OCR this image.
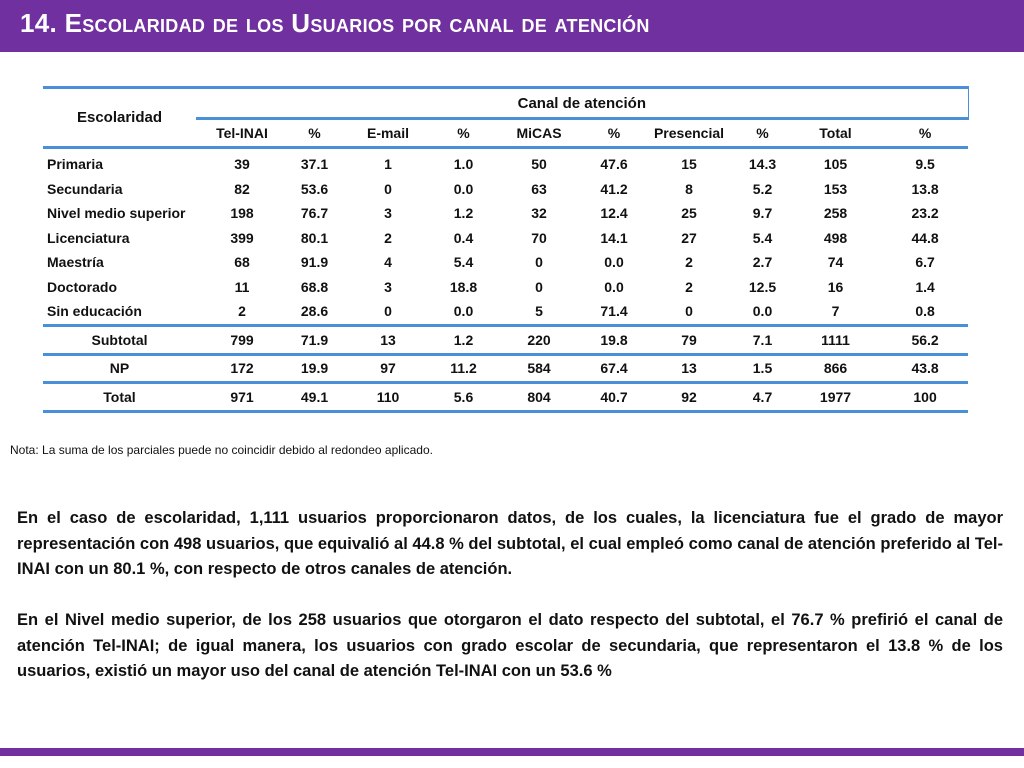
14. Escolaridad de los Usuarios por canal de atención
Escolaridad	Canal de atención									
	Tel-INAI	%	E-mail	%	MiCAS	%	Presencial	%	Total	%
Primaria	39	37.1	1	1.0	50	47.6	15	14.3	105	9.5
Secundaria	82	53.6	0	0.0	63	41.2	8	5.2	153	13.8
Nivel medio superior	198	76.7	3	1.2	32	12.4	25	9.7	258	23.2
Licenciatura	399	80.1	2	0.4	70	14.1	27	5.4	498	44.8
Maestría	68	91.9	4	5.4	0	0.0	2	2.7	74	6.7
Doctorado	11	68.8	3	18.8	0	0.0	2	12.5	16	1.4
Sin educación	2	28.6	0	0.0	5	71.4	0	0.0	7	0.8
Subtotal	799	71.9	13	1.2	220	19.8	79	7.1	1111	56.2
NP	172	19.9	97	11.2	584	67.4	13	1.5	866	43.8
Total	971	49.1	110	5.6	804	40.7	92	4.7	1977	100
Nota: La suma de los parciales puede no coincidir debido al redondeo aplicado.

En el caso de escolaridad, 1,111 usuarios proporcionaron datos, de los cuales, la licenciatura fue el grado de mayor representación con 498 usuarios, que equivalió al 44.8 % del subtotal, el cual empleó como canal de atención preferido al Tel-INAI con un 80.1 %, con respecto de otros canales de atención.

En el Nivel medio superior, de los 258 usuarios que otorgaron el dato respecto del subtotal, el 76.7 % prefirió el canal de atención Tel-INAI; de igual manera, los usuarios con grado escolar de secundaria, que representaron el 13.8 % de los usuarios, existió un mayor uso del canal de atención Tel-INAI con un 53.6 %
